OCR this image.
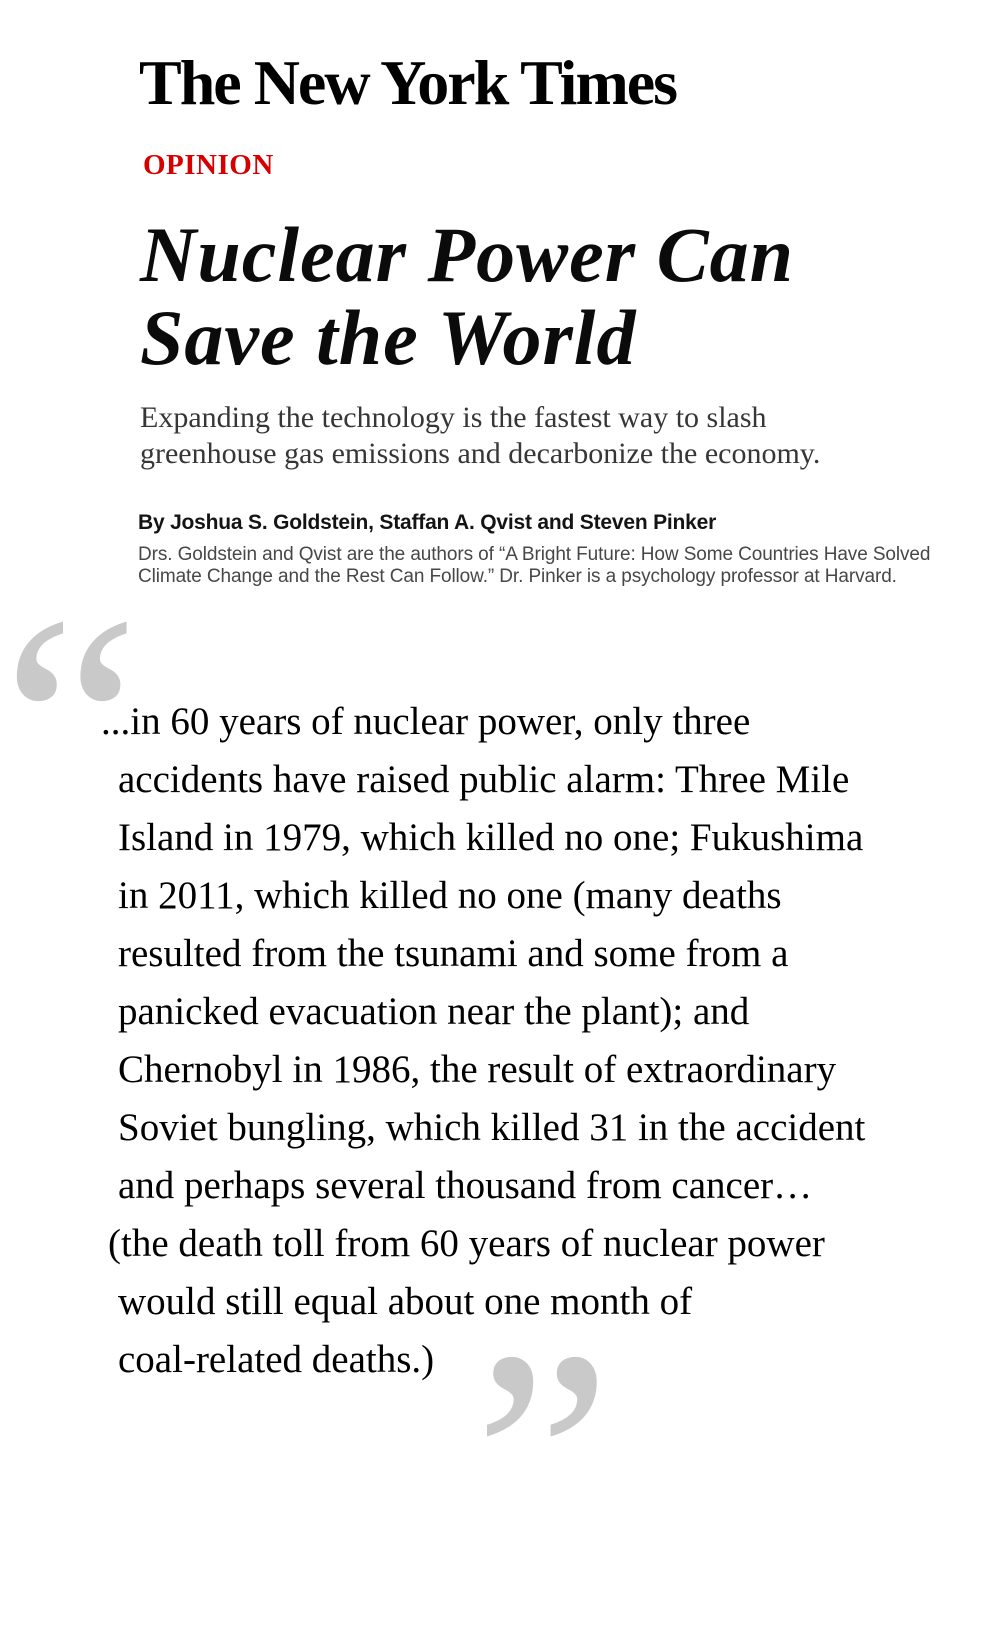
The New York Times
OPINION
Nuclear Power Can
Save the World
Expanding the technology is the fastest way to slash
greenhouse gas emissions and decarbonize the economy.
By Joshua S. Goldstein, Staffan A. Qvist and Steven Pinker
Drs. Goldstein and Qvist are the authors of “A Bright Future: How Some Countries Have Solved
Climate Change and the Rest Can Follow.” Dr. Pinker is a psychology professor at Harvard.
“
...in 60 years of nuclear power, only three
accidents have raised public alarm: Three Mile
Island in 1979, which killed no one; Fukushima
in 2011, which killed no one (many deaths
resulted from the tsunami and some from a
panicked evacuation near the plant); and
Chernobyl in 1986, the result of extraordinary
Soviet bungling, which killed 31 in the accident
and perhaps several thousand from cancer…
(the death toll from 60 years of nuclear power
would still equal about one month of
coal-related deaths.) ”
